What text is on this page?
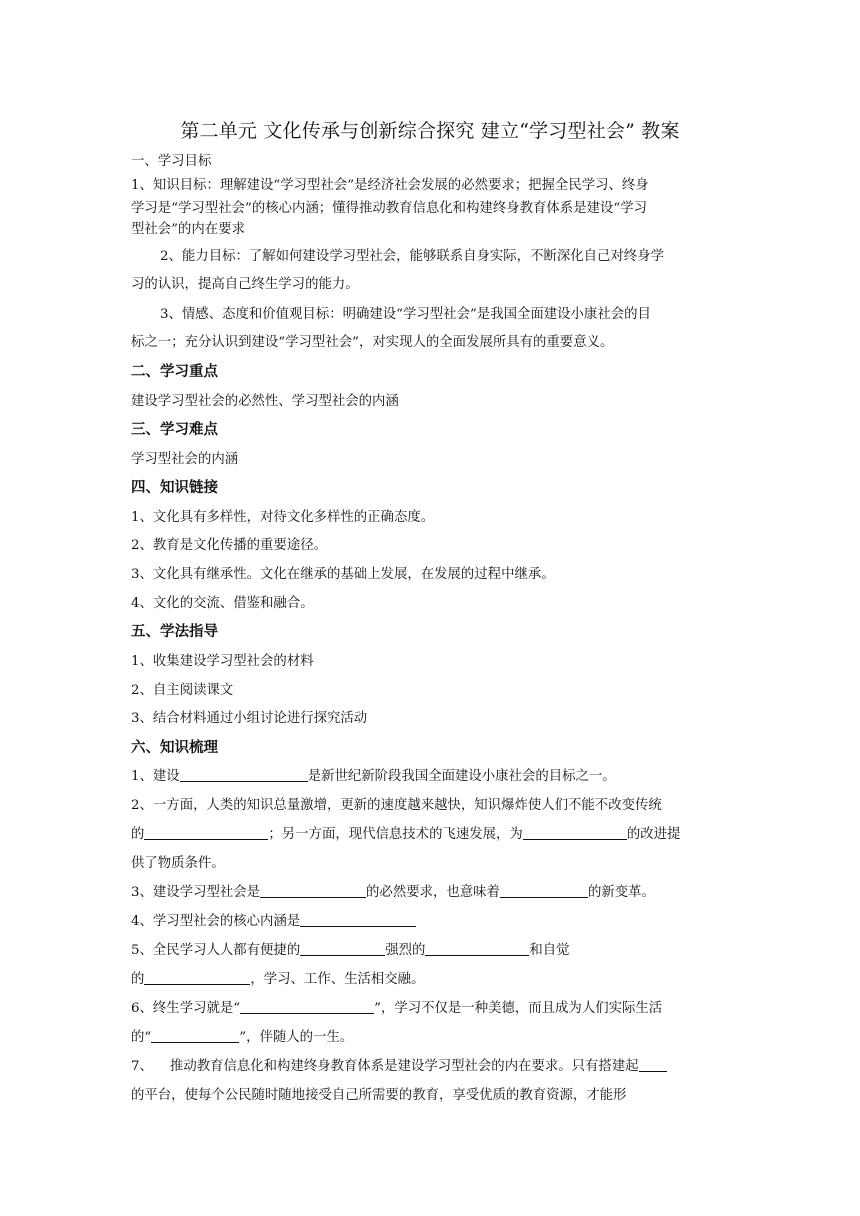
第二单元 文化传承与创新综合探究 建立“学习型社会” 教案
一、学习目标
1、知识目标：理解建设“学习型社会”是经济社会发展的必然要求；把握全民学习、终身
学习是“学习型社会”的核心内涵；懂得推动教育信息化和构建终身教育体系是建设“学习
型社会”的内在要求
2、能力目标：了解如何建设学习型社会，能够联系自身实际，不断深化自己对终身学
习的认识，提高自己终生学习的能力。
3、情感、态度和价值观目标：明确建设“学习型社会”是我国全面建设小康社会的目
标之一；充分认识到建设“学习型社会”，对实现人的全面发展所具有的重要意义。
二、学习重点
建设学习型社会的必然性、学习型社会的内涵
三、学习难点
学习型社会的内涵
四、知识链接
1、文化具有多样性，对待文化多样性的正确态度。
2、教育是文化传播的重要途径。
3、文化具有继承性。文化在继承的基础上发展，在发展的过程中继承。
4、文化的交流、借鉴和融合。
五、学法指导
1、收集建设学习型社会的材料
2、自主阅读课文
3、结合材料通过小组讨论进行探究活动
六、知识梳理
1、建设	是新世纪新阶段我国全面建设小康社会的目标之一。
2、一方面，人类的知识总量激增，更新的速度越来越快，知识爆炸使人们不能不改变传统
的	；另一方面，现代信息技术的飞速发展，为	的改进提
供了物质条件。
3、建设学习型社会是	的必然要求，也意味着	的新变革。
4、学习型社会的核心内涵是
5、全民学习人人都有便捷的	强烈的	和自觉
的	，学习、工作、生活相交融。
6、终生学习就是“	”，学习不仅是一种美德，而且成为人们实际生活
的“	”，伴随人的一生。
7、    推动教育信息化和构建终身教育体系是建设学习型社会的内在要求。只有搭建起
的平台，使每个公民随时随地接受自己所需要的教育，享受优质的教育资源，才能形
